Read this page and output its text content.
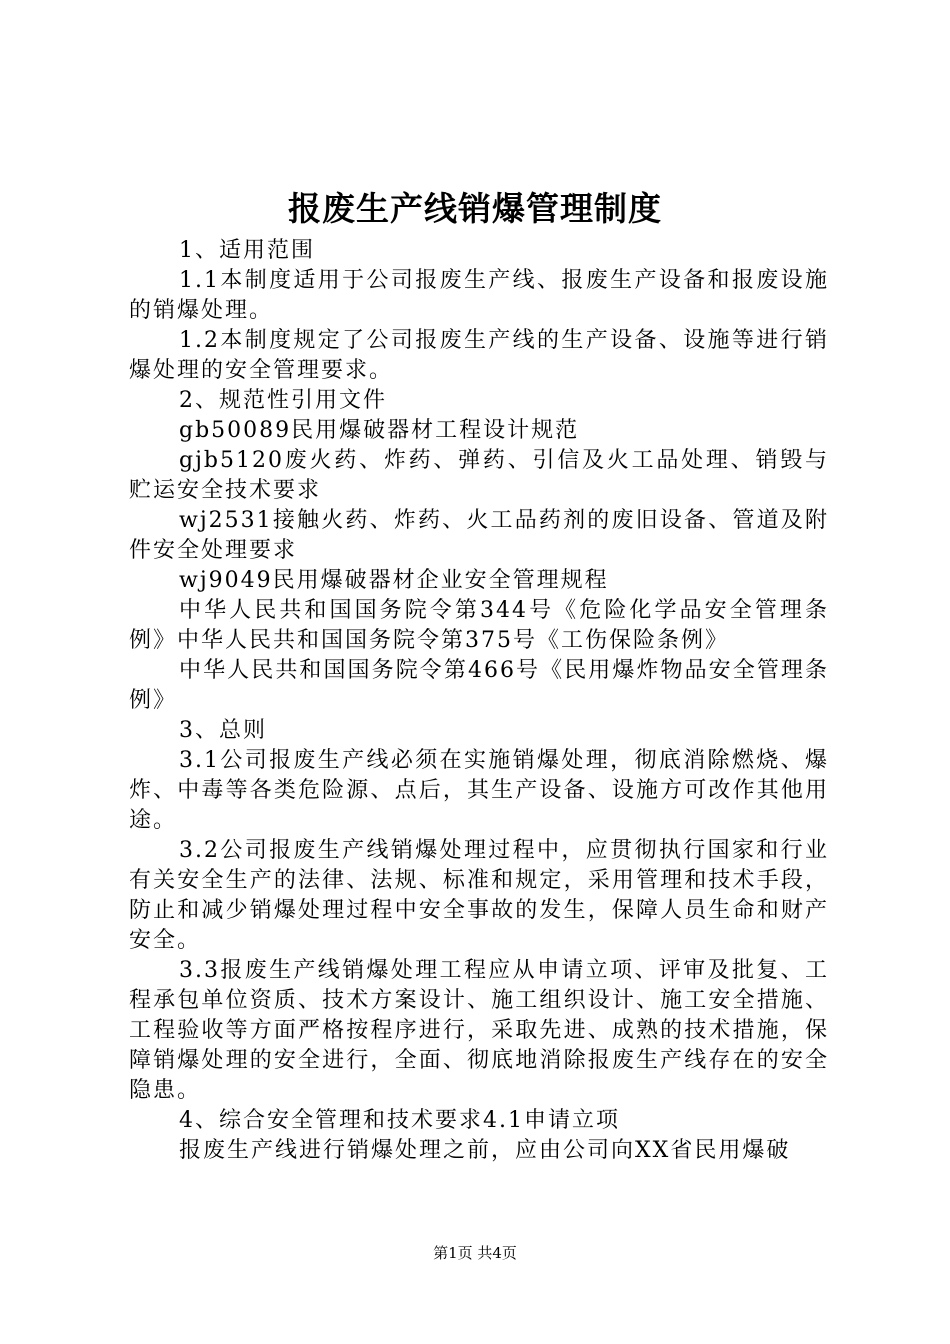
报废生产线销爆管理制度

1、适用范围

1.1本制度适用于公司报废生产线、报废生产设备和报废设施的销爆处理。

1.2本制度规定了公司报废生产线的生产设备、设施等进行销爆处理的安全管理要求。

2、规范性引用文件

gb50089民用爆破器材工程设计规范

gjb5120废火药、炸药、弹药、引信及火工品处理、销毁与贮运安全技术要求

wj2531接触火药、炸药、火工品药剂的废旧设备、管道及附件安全处理要求

wj9049民用爆破器材企业安全管理规程

中华人民共和国国务院令第344号《危险化学品安全管理条例》中华人民共和国国务院令第375号《工伤保险条例》

中华人民共和国国务院令第466号《民用爆炸物品安全管理条例》

3、总则

3.1公司报废生产线必须在实施销爆处理，彻底消除燃烧、爆炸、中毒等各类危险源、点后，其生产设备、设施方可改作其他用途。

3.2公司报废生产线销爆处理过程中，应贯彻执行国家和行业有关安全生产的法律、法规、标准和规定，采用管理和技术手段，防止和减少销爆处理过程中安全事故的发生，保障人员生命和财产安全。

3.3报废生产线销爆处理工程应从申请立项、评审及批复、工程承包单位资质、技术方案设计、施工组织设计、施工安全措施、工程验收等方面严格按程序进行，采取先进、成熟的技术措施，保障销爆处理的安全进行，全面、彻底地消除报废生产线存在的安全隐患。

4、综合安全管理和技术要求4.1申请立项

报废生产线进行销爆处理之前，应由公司向XX省民用爆破

第1页 共4页
